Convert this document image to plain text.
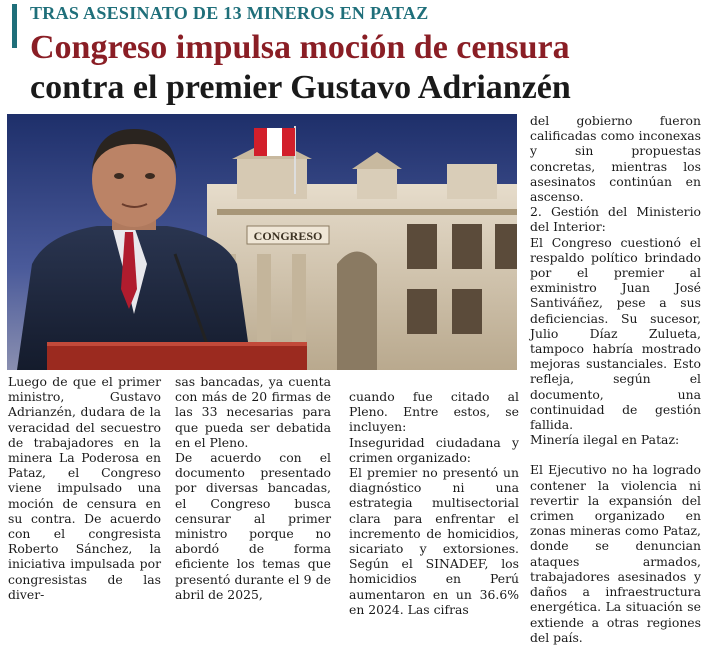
TRAS ASESINATO DE 13 MINEROS EN PATAZ
Congreso impulsa moción de censura
contra el premier Gustavo Adrianzén
CONGRESO

Luego de que el primer ministro, Gustavo Adrianzén, dudara de la veracidad del secuestro de trabajadores en la minera La Poderosa en Pataz, el Congreso viene impulsado una moción de censura en su contra. De acuerdo con el congresista Roberto Sánchez, la iniciativa impulsada por congresistas de las diver-

sas bancadas, ya cuenta con más de 20 firmas de las 33 necesarias para que pueda ser debatida en el Pleno.

De acuerdo con el documento presentado por diversas bancadas, el Congreso busca censurar al primer ministro porque no abordó de forma eficiente los temas que presentó durante el 9 de abril de 2025,

cuando fue citado al Pleno. Entre estos, se incluyen:

Inseguridad ciudadana y crimen organizado:

El premier no presentó un diagnóstico ni una estrategia multisectorial clara para enfrentar el incremento de homicidios, sicariato y extorsiones. Según el SINADEF, los homicidios en Perú aumentaron en un 36.6% en 2024. Las cifras

del gobierno fueron calificadas como inconexas y sin propuestas concretas, mientras los asesinatos continúan en ascenso.

2. Gestión del Ministerio del Interior:

El Congreso cuestionó el respaldo político brindado por el premier al exministro Juan José Santiváñez, pese a sus deficiencias. Su sucesor, Julio Díaz Zulueta, tampoco habría mostrado mejoras sustanciales. Esto refleja, según el documento, una continuidad de gestión fallida.

Minería ilegal en Pataz:

El Ejecutivo no ha logrado contener la violencia ni revertir la expansión del crimen organizado en zonas mineras como Pataz, donde se denuncian ataques armados, trabajadores asesinados y daños a infraestructura energética. La situación se extiende a otras regiones del país.
